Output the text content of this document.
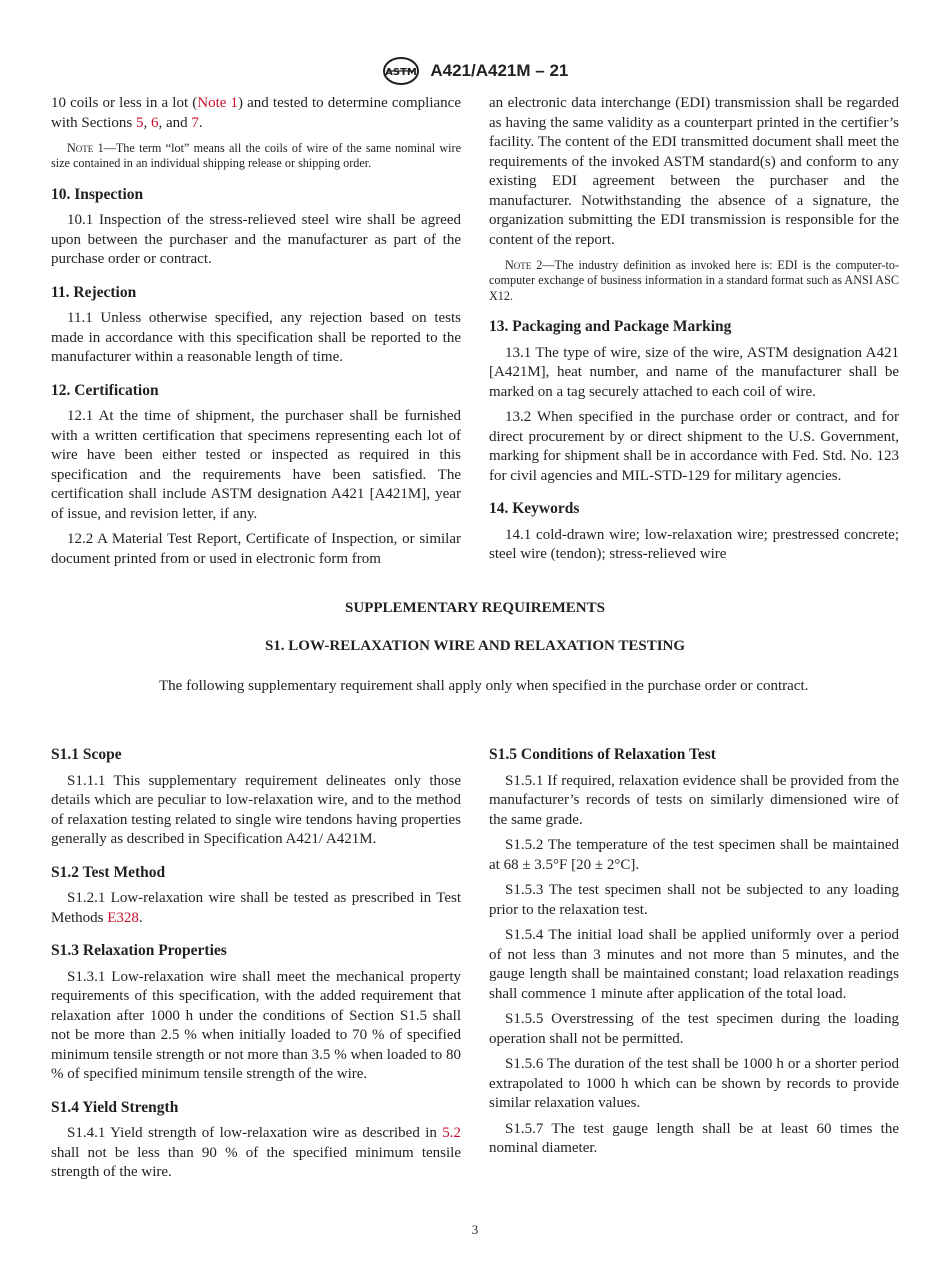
ASTM A421/A421M – 21

10 coils or less in a lot (Note 1) and tested to determine compliance with Sections 5, 6, and 7.

Note 1—The term “lot” means all the coils of wire of the same nominal wire size contained in an individual shipping release or shipping order.

10. Inspection

10.1 Inspection of the stress-relieved steel wire shall be agreed upon between the purchaser and the manufacturer as part of the purchase order or contract.

11. Rejection

11.1 Unless otherwise specified, any rejection based on tests made in accordance with this specification shall be reported to the manufacturer within a reasonable length of time.

12. Certification

12.1 At the time of shipment, the purchaser shall be furnished with a written certification that specimens representing each lot of wire have been either tested or inspected as required in this specification and the requirements have been satisfied. The certification shall include ASTM designation A421 [A421M], year of issue, and revision letter, if any.

12.2 A Material Test Report, Certificate of Inspection, or similar document printed from or used in electronic form from

an electronic data interchange (EDI) transmission shall be regarded as having the same validity as a counterpart printed in the certifier’s facility. The content of the EDI transmitted document shall meet the requirements of the invoked ASTM standard(s) and conform to any existing EDI agreement between the purchaser and the manufacturer. Notwithstanding the absence of a signature, the organization submitting the EDI transmission is responsible for the content of the report.

Note 2—The industry definition as invoked here is: EDI is the computer-to-computer exchange of business information in a standard format such as ANSI ASC X12.

13. Packaging and Package Marking

13.1 The type of wire, size of the wire, ASTM designation A421 [A421M], heat number, and name of the manufacturer shall be marked on a tag securely attached to each coil of wire.

13.2 When specified in the purchase order or contract, and for direct procurement by or direct shipment to the U.S. Government, marking for shipment shall be in accordance with Fed. Std. No. 123 for civil agencies and MIL-STD-129 for military agencies.

14. Keywords

14.1 cold-drawn wire; low-relaxation wire; prestressed concrete; steel wire (tendon); stress-relieved wire

SUPPLEMENTARY REQUIREMENTS
S1. LOW-RELAXATION WIRE AND RELAXATION TESTING

The following supplementary requirement shall apply only when specified in the purchase order or contract.

S1.1 Scope

S1.1.1 This supplementary requirement delineates only those details which are peculiar to low-relaxation wire, and to the method of relaxation testing related to single wire tendons having properties generally as described in Specification A421/ A421M.

S1.2 Test Method

S1.2.1 Low-relaxation wire shall be tested as prescribed in Test Methods E328.

S1.3 Relaxation Properties

S1.3.1 Low-relaxation wire shall meet the mechanical property requirements of this specification, with the added requirement that relaxation after 1000 h under the conditions of Section S1.5 shall not be more than 2.5 % when initially loaded to 70 % of specified minimum tensile strength or not more than 3.5 % when loaded to 80 % of specified minimum tensile strength of the wire.

S1.4 Yield Strength

S1.4.1 Yield strength of low-relaxation wire as described in 5.2 shall not be less than 90 % of the specified minimum tensile strength of the wire.

S1.5 Conditions of Relaxation Test

S1.5.1 If required, relaxation evidence shall be provided from the manufacturer’s records of tests on similarly dimensioned wire of the same grade.

S1.5.2 The temperature of the test specimen shall be maintained at 68 ± 3.5°F [20 ± 2°C].

S1.5.3 The test specimen shall not be subjected to any loading prior to the relaxation test.

S1.5.4 The initial load shall be applied uniformly over a period of not less than 3 minutes and not more than 5 minutes, and the gauge length shall be maintained constant; load relaxation readings shall commence 1 minute after application of the total load.

S1.5.5 Overstressing of the test specimen during the loading operation shall not be permitted.

S1.5.6 The duration of the test shall be 1000 h or a shorter period extrapolated to 1000 h which can be shown by records to provide similar relaxation values.

S1.5.7 The test gauge length shall be at least 60 times the nominal diameter.

3
